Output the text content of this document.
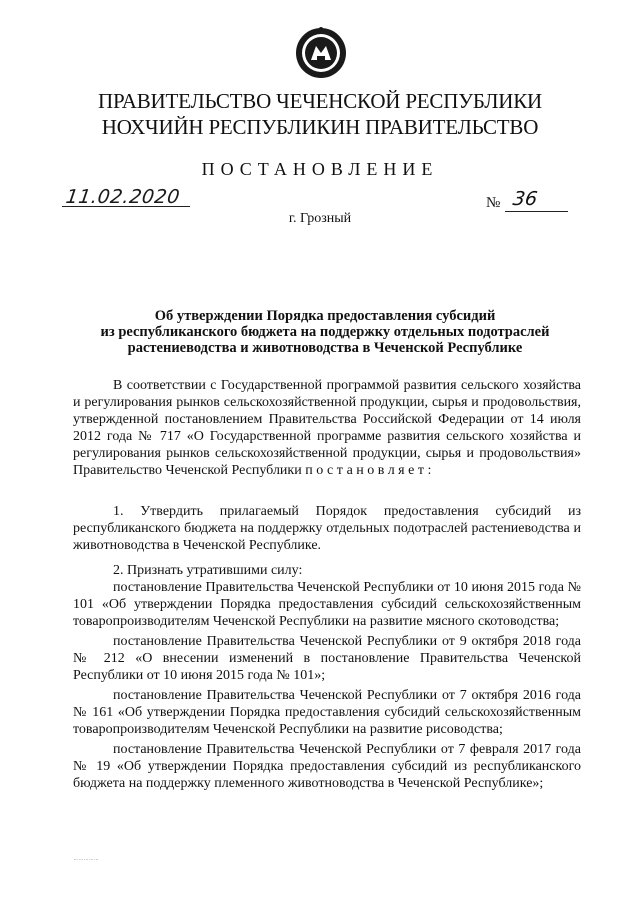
ПРАВИТЕЛЬСТВО ЧЕЧЕНСКОЙ РЕСПУБЛИКИ
НОХЧИЙН РЕСПУБЛИКИН ПРАВИТЕЛЬСТВО
ПОСТАНОВЛЕНИЕ
11.02.2020	№ 36
г. Грозный
Об утверждении Порядка предоставления субсидий
из республиканского бюджета на поддержку отдельных подотраслей
растениеводства и животноводства в Чеченской Республике

В соответствии с Государственной программой развития сельского хозяйства и регулирования рынков сельскохозяйственной продукции, сырья и продовольствия, утвержденной постановлением Правительства Российской Федерации от 14 июля 2012 года № 717 «О Государственной программе развития сельского хозяйства и регулирования рынков сельскохозяйственной продукции, сырья и продовольствия» Правительство Чеченской Республики постановляет:

1. Утвердить прилагаемый Порядок предоставления субсидий из республиканского бюджета на поддержку отдельных подотраслей растениеводства и животноводства в Чеченской Республике.

2. Признать утратившими силу:

постановление Правительства Чеченской Республики от 10 июня 2015 года № 101 «Об утверждении Порядка предоставления субсидий сельскохозяйственным товаропроизводителям Чеченской Республики на развитие мясного скотоводства;

постановление Правительства Чеченской Республики от 9 октября 2018 года № 212 «О внесении изменений в постановление Правительства Чеченской Республики от 10 июня 2015 года № 101»;

постановление Правительства Чеченской Республики от 7 октября 2016 года № 161 «Об утверждении Порядка предоставления субсидий сельскохозяйственным товаропроизводителям Чеченской Республики на развитие рисоводства;

постановление Правительства Чеченской Республики от 7 февраля 2017 года № 19 «Об утверждении Порядка предоставления субсидий из республиканского бюджета на поддержку племенного животноводства в Чеченской Республике»;

··· ··· ··· ··· ···
